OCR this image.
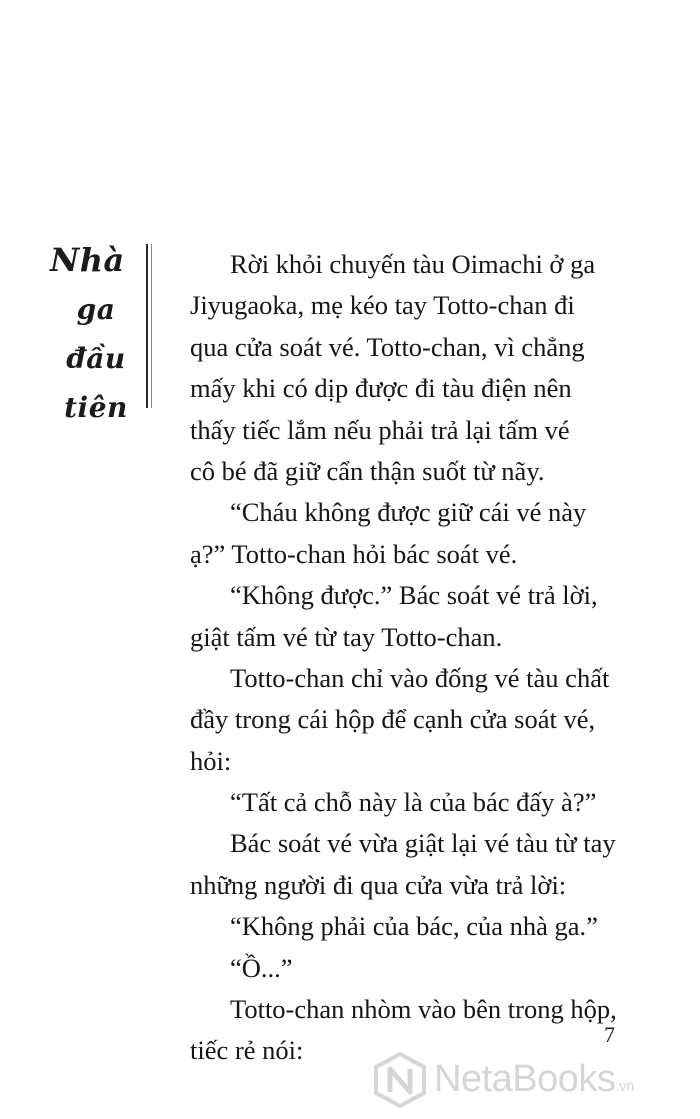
Nhà
ga
đầu
tiên
Rời khỏi chuyến tàu Oimachi ở ga
Jiyugaoka, mẹ kéo tay Totto-chan đi
qua cửa soát vé. Totto-chan, vì chẳng
mấy khi có dịp được đi tàu điện nên
thấy tiếc lắm nếu phải trả lại tấm vé
cô bé đã giữ cẩn thận suốt từ nãy.
“Cháu không được giữ cái vé này
ạ?” Totto-chan hỏi bác soát vé.
“Không được.” Bác soát vé trả lời,
giật tấm vé từ tay Totto-chan.
Totto-chan chỉ vào đống vé tàu chất
đầy trong cái hộp để cạnh cửa soát vé,
hỏi:
“Tất cả chỗ này là của bác đấy à?”
Bác soát vé vừa giật lại vé tàu từ tay
những người đi qua cửa vừa trả lời:
“Không phải của bác, của nhà ga.”
“Ồ...”
Totto-chan nhòm vào bên trong hộp,
tiếc rẻ nói:
7
NetaBooks.vn
